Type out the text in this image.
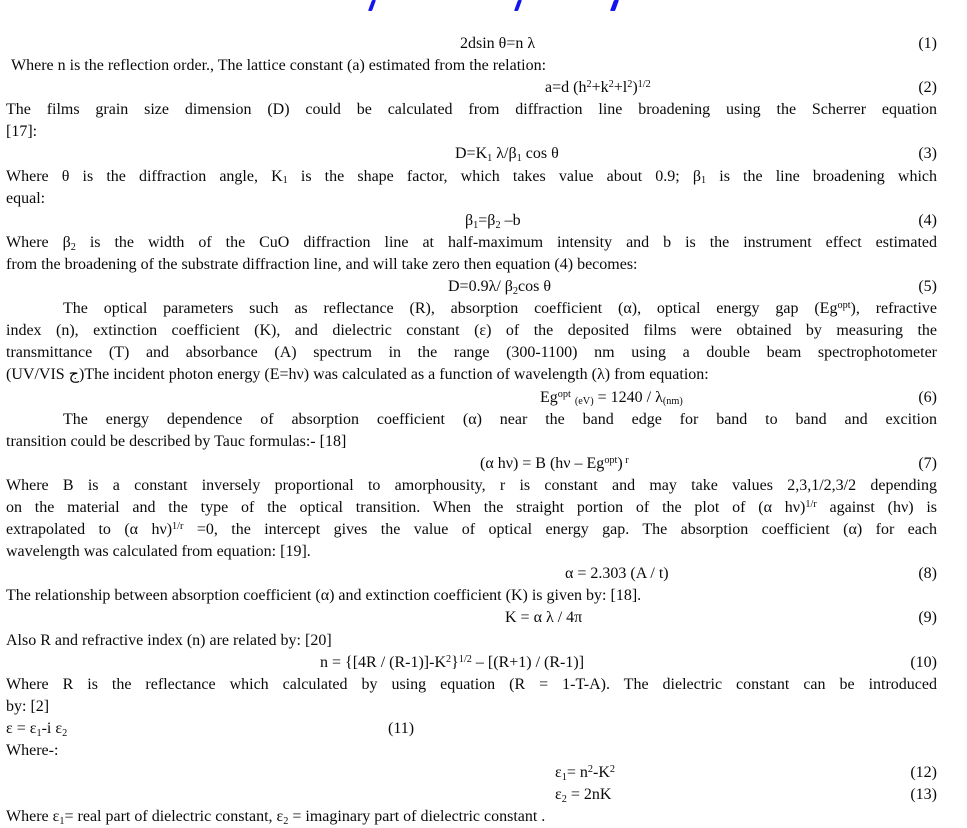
2dsin θ=n λ	(1)
Where n is the reflection order., The lattice constant (a) estimated from the relation:
a=d $(h^2+k^2+l^2)^{1/2}$	(2)
The films grain size dimension (D) could be calculated from diffraction line broadening using the Scherrer equation
[17]:
$D=K_1$ $\lambda/\beta_1$ cos θ	(3)
Where θ is the diffraction angle, $K_1$ is the shape factor, which takes value about 0.9; $\beta_1$ is the line broadening which
equal:
$\beta_1=\beta_2$ –b	(4)
Where $\beta_2$ is the width of the CuO diffraction line at half-maximum intensity and b is the instrument effect estimated
from the broadening of the substrate diffraction line, and will take zero then equation (4) becomes:
D=0.9λ/ $\beta_2\cos$ θ	(5)
The optical parameters such as reflectance (R), absorption coefficient (α), optical energy gap $(Eg^{opt})$, refractive
index (n), extinction coefficient (K), and dielectric constant (ε) of the deposited films were obtained by measuring the
transmittance (T) and absorbance (A) spectrum in the range (300-1100) nm using a double beam spectrophotometer
(UV/VIS ج)The incident photon energy (E=hν) was calculated as a function of wavelength (λ) from equation:
$Eg^{opt}$ $_{(eV)} = 1240 / \lambda_{(nm)}$	(6)
The energy dependence of absorption coefficient (α) near the band edge for band to band and excition
transition could be described by Tauc formulas:- [18]
(α hν) = B $(h\nu - Eg^{opt})$ $^r$	(7)
Where B is a constant inversely proportional to amorphousity, r is constant and may take values 2,3,1/2,3/2 depending
on the material and the type of the optical transition. When the straight portion of the plot of (α hν)$^{1/r}$ against (hν) is
extrapolated to (α hν)$^{1/r}$ =0, the intercept gives the value of optical energy gap. The absorption coefficient (α) for each
wavelength was calculated from equation: [19].
α = 2.303 (A / t)	(8)
The relationship between absorption coefficient (α) and extinction coefficient (K) is given by: [18].
K = α λ / 4π	(9)
Also R and refractive index (n) are related by: [20]
$n = \{[4R / (R-1)]-K^2\}^{1/2} - [(R+1) / (R-1)]$	(10)
Where R is the reflectance which calculated by using equation (R = 1-T-A). The dielectric constant can be introduced
by: [2]
$\varepsilon = \varepsilon_1-i$ $\varepsilon_2$	(11)
Where-:
$\varepsilon_1= n^2-K^2$	(12)
$\varepsilon_2 = 2nK$	(13)
Where $\varepsilon_1=$ real part of dielectric constant, $\varepsilon_2$ = imaginary part of dielectric constant .
